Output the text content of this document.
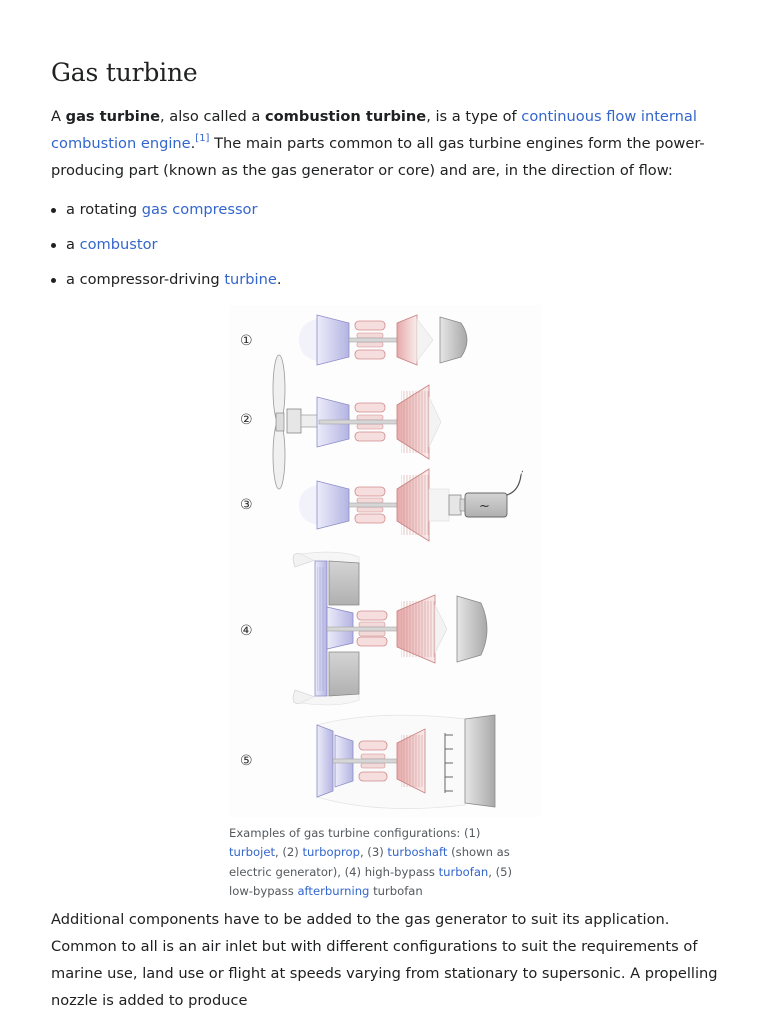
Gas turbine

A gas turbine, also called a combustion turbine, is a type of continuous flow internal combustion engine.[1] The main parts common to all gas turbine engines form the power-producing part (known as the gas generator or core) and are, in the direction of flow:

a rotating gas compressor
a combustor
a compressor-driving turbine.
①
②
③	~
④
⑤
Examples of gas turbine configurations: (1) turbojet, (2) turboprop, (3) turboshaft (shown as electric generator), (4) high-bypass turbofan, (5) low-bypass afterburning turbofan

Additional components have to be added to the gas generator to suit its application. Common to all is an air inlet but with different configurations to suit the requirements of marine use, land use or flight at speeds varying from stationary to supersonic. A propelling nozzle is added to produce
